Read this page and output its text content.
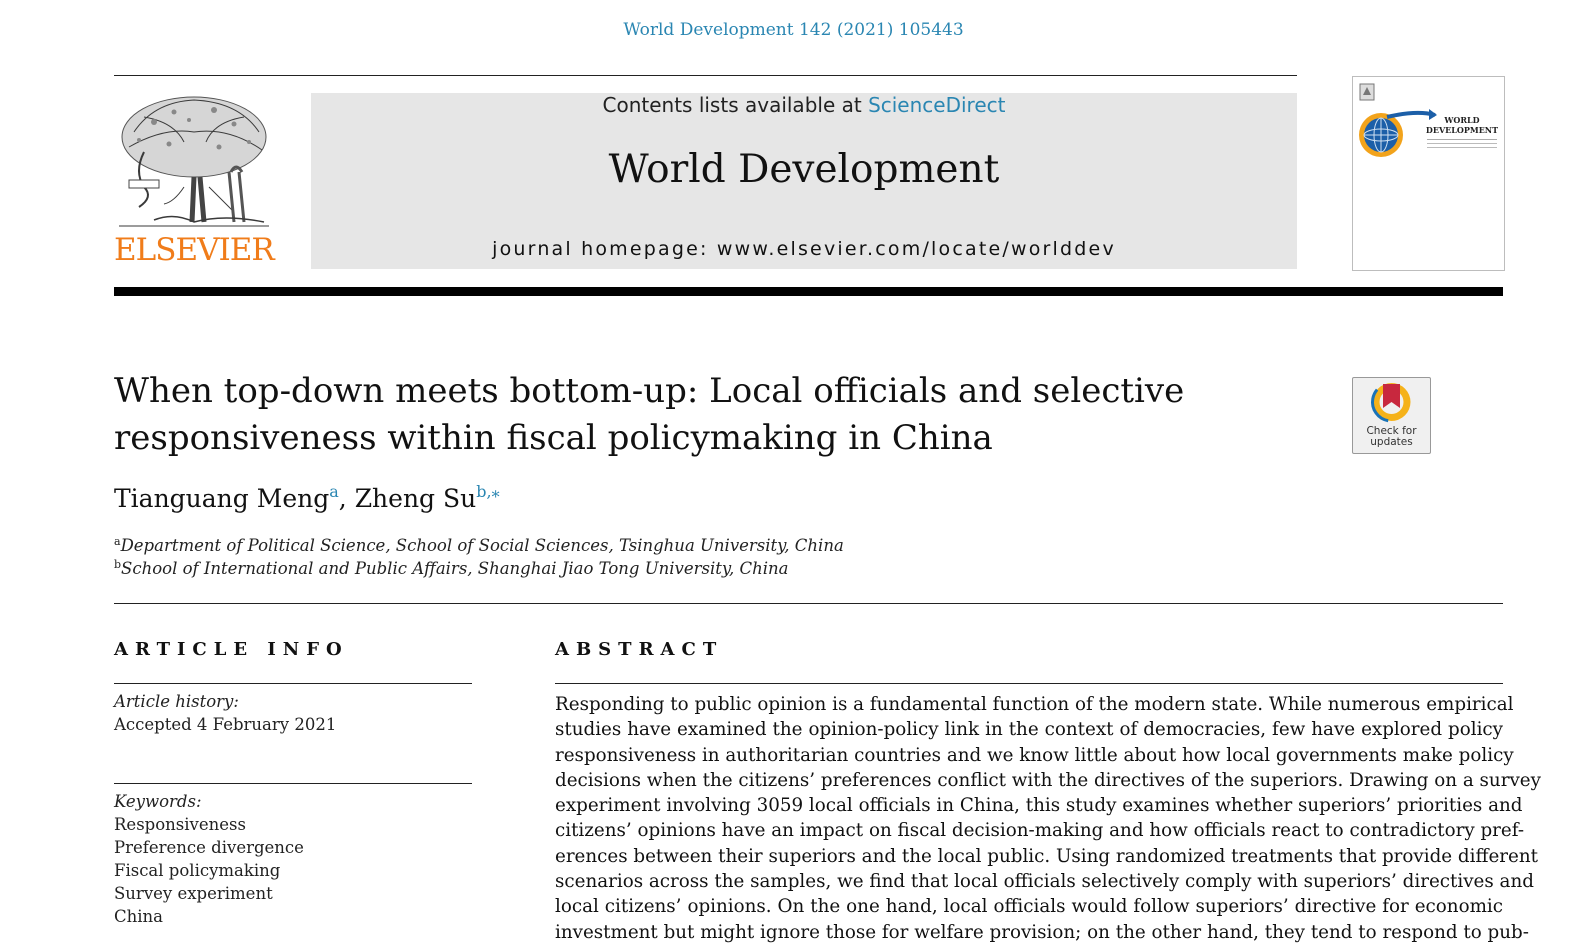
World Development 142 (2021) 105443
ELSEVIER
Contents lists available at ScienceDirect
World Development
journal homepage: www.elsevier.com/locate/worlddev
WORLD
DEVELOPMENT
When top-down meets bottom-up: Local officials and selective
responsiveness within fiscal policymaking in China	Check for
updates
Tianguang Meng$^a$, Zheng $Su^{b,⁎}$
$^a$Department of Political Science, School of Social Sciences, Tsinghua University, China
$^b$School of International and Public Affairs, Shanghai Jiao Tong University, China
ARTICLE INFO
Article history:
Accepted 4 February 2021
Keywords:
Responsiveness
Preference divergence
Fiscal policymaking
Survey experiment
China
ABSTRACT
Responding to public opinion is a fundamental function of the modern state. While numerous empirical
studies have examined the opinion-policy link in the context of democracies, few have explored policy
responsiveness in authoritarian countries and we know little about how local governments make policy
decisions when the citizens’ preferences conflict with the directives of the superiors. Drawing on a survey
experiment involving 3059 local officials in China, this study examines whether superiors’ priorities and
citizens’ opinions have an impact on fiscal decision-making and how officials react to contradictory pref-
erences between their superiors and the local public. Using randomized treatments that provide different
scenarios across the samples, we find that local officials selectively comply with superiors’ directives and
local citizens’ opinions. On the one hand, local officials would follow superiors’ directive for economic
investment but might ignore those for welfare provision; on the other hand, they tend to respond to pub-
